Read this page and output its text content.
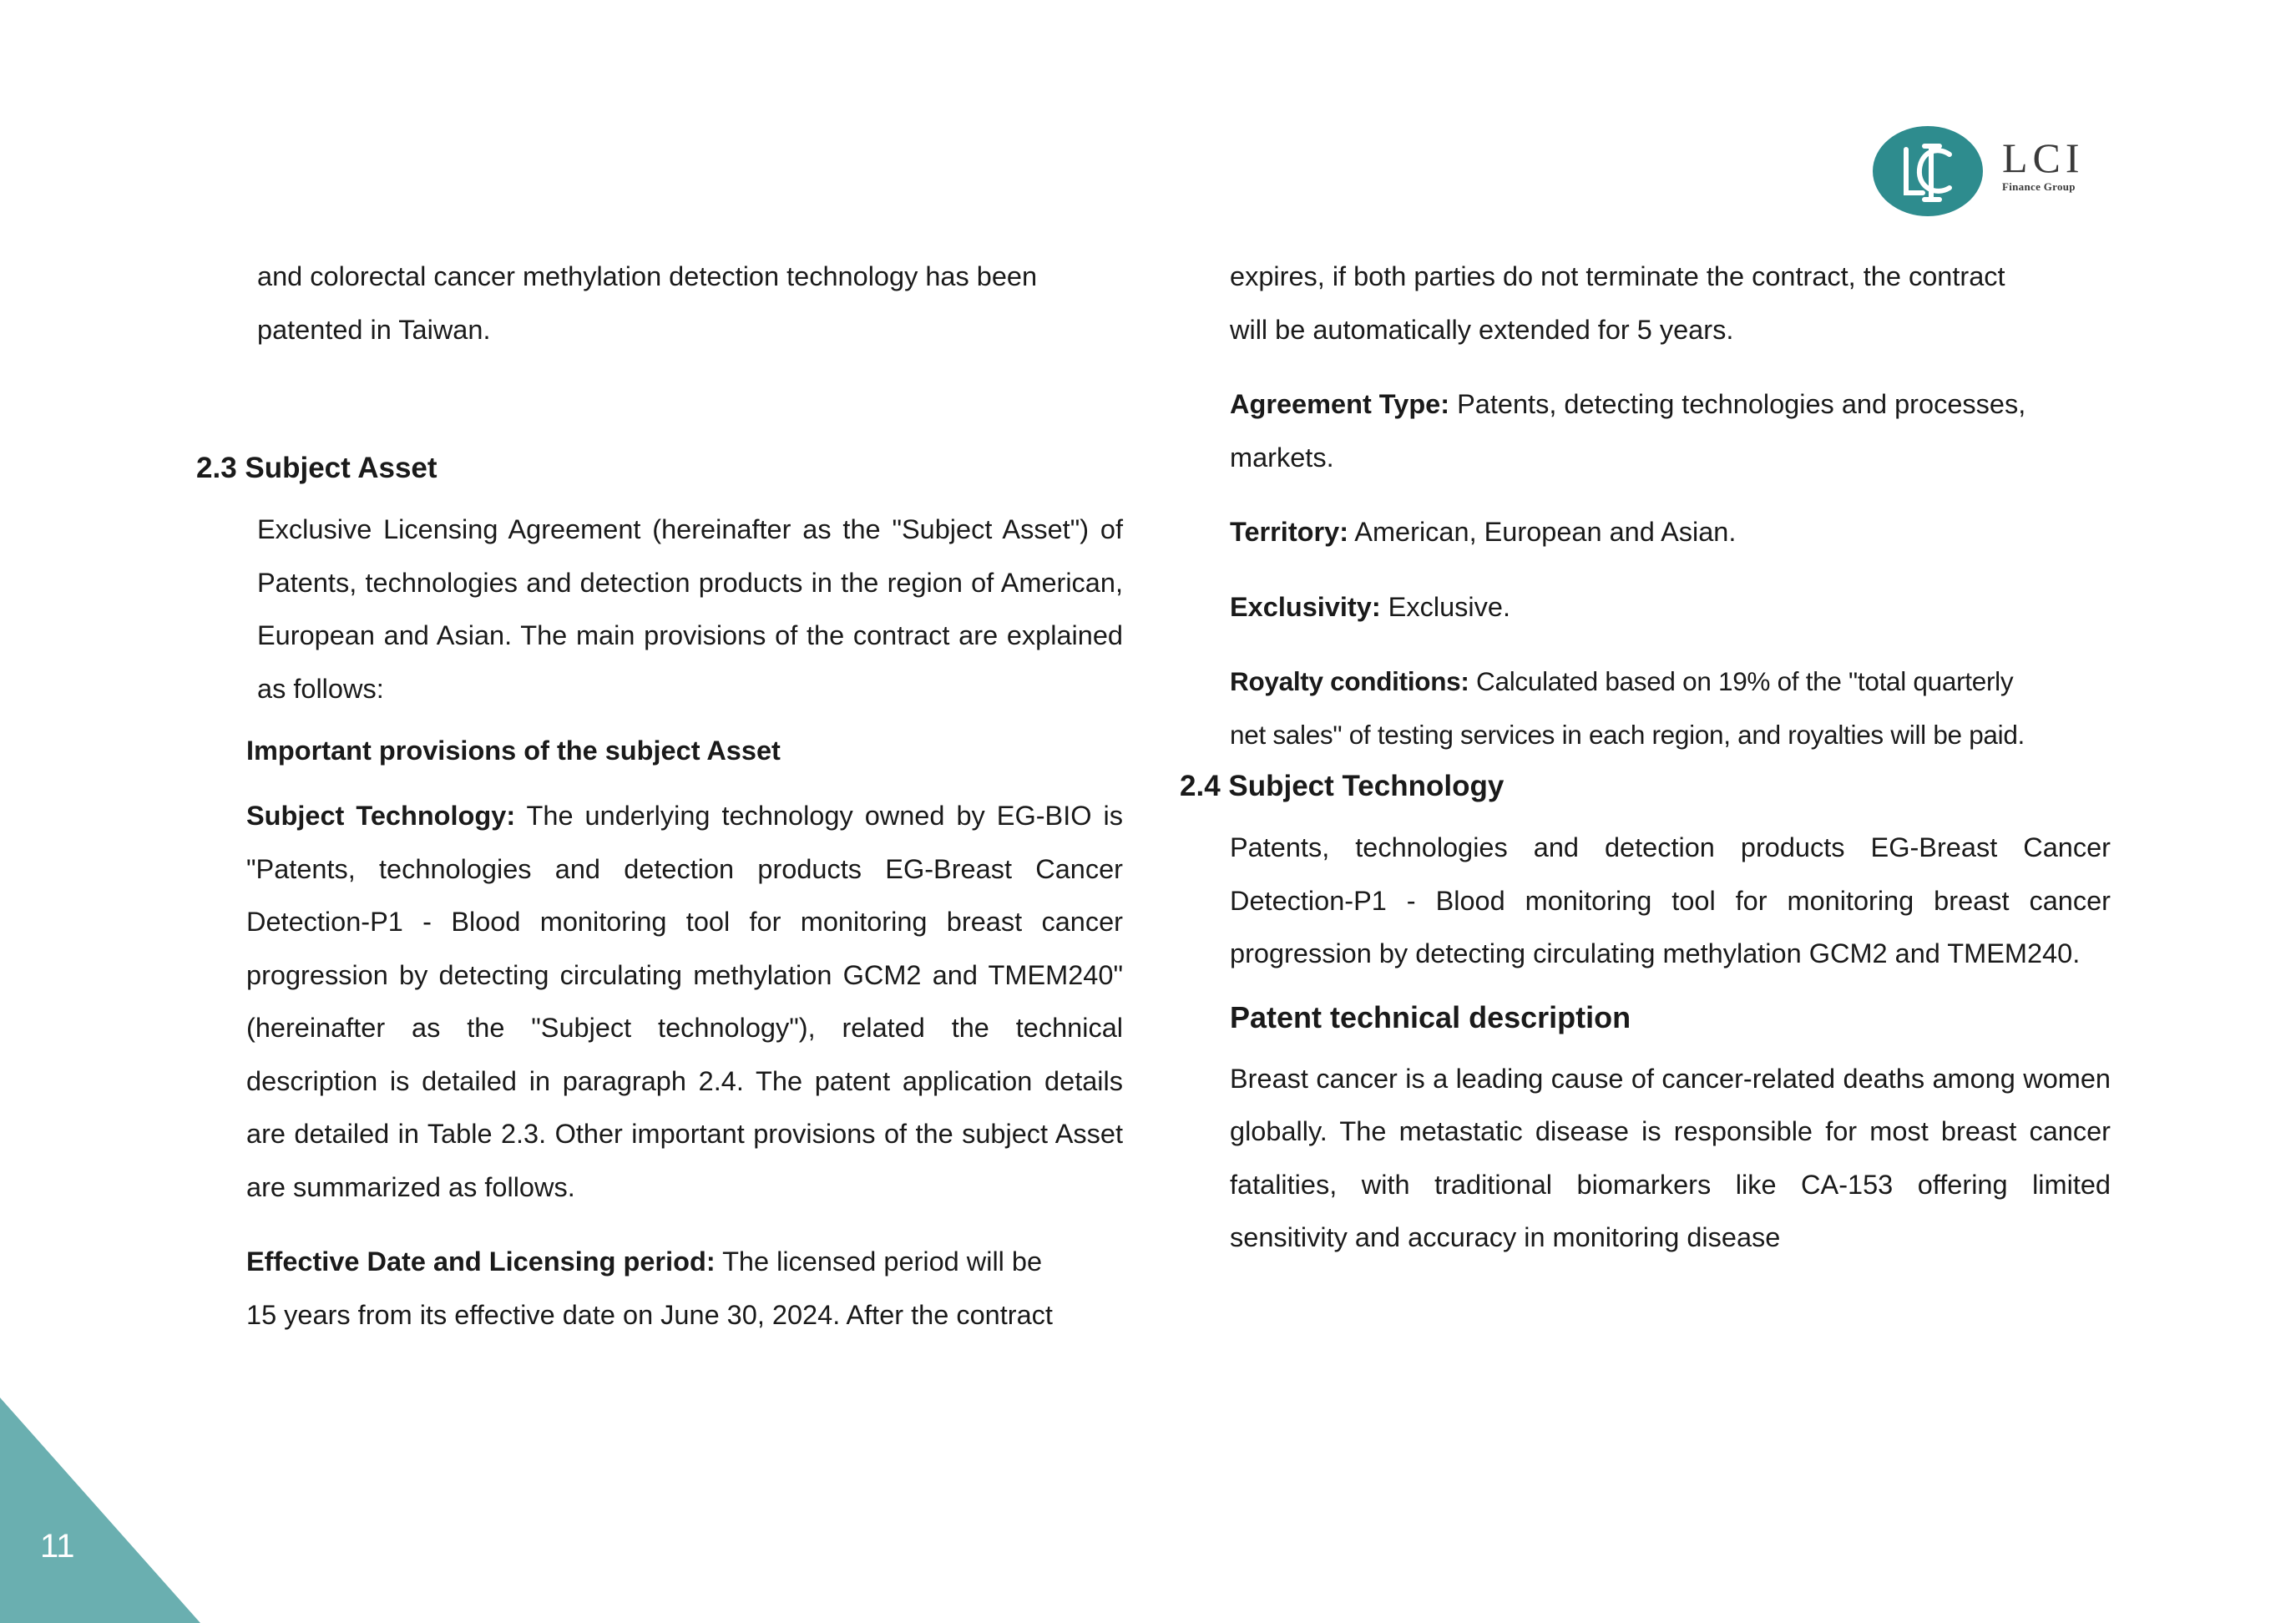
LCI
Finance Group

and colorectal cancer methylation detection technology has been
patented in Taiwan.

2.3 Subject Asset

Exclusive Licensing Agreement (hereinafter as the "Subject Asset") of Patents, technologies and detection products in the region of American, European and Asian. The main provisions of the contract are explained as follows:

Important provisions of the subject Asset

Subject Technology: The underlying technology owned by EG-BIO is "Patents, technologies and detection products EG-Breast Cancer Detection-P1 - Blood monitoring tool for monitoring breast cancer progression by detecting circulating methylation GCM2 and TMEM240" (hereinafter as the "Subject technology"), related the technical description is detailed in paragraph 2.4. The patent application details are detailed in Table 2.3. Other important provisions of the subject Asset are summarized as follows.

Effective Date and Licensing period: The licensed period will be
15 years from its effective date on June 30, 2024. After the contract

expires, if both parties do not terminate the contract, the contract
will be automatically extended for 5 years.

Agreement Type: Patents, detecting technologies and processes, markets.

Territory: American, European and Asian.

Exclusivity: Exclusive.

Royalty conditions: Calculated based on 19% of the "total quarterly
net sales" of testing services in each region, and royalties will be paid.

2.4 Subject Technology

Patents, technologies and detection products EG-Breast Cancer Detection-P1 - Blood monitoring tool for monitoring breast cancer progression by detecting circulating methylation GCM2 and TMEM240.

Patent technical description

Breast cancer is a leading cause of cancer-related deaths among women globally. The metastatic disease is responsible for most breast cancer fatalities, with traditional biomarkers like CA-153 offering limited sensitivity and accuracy in monitoring disease

11
